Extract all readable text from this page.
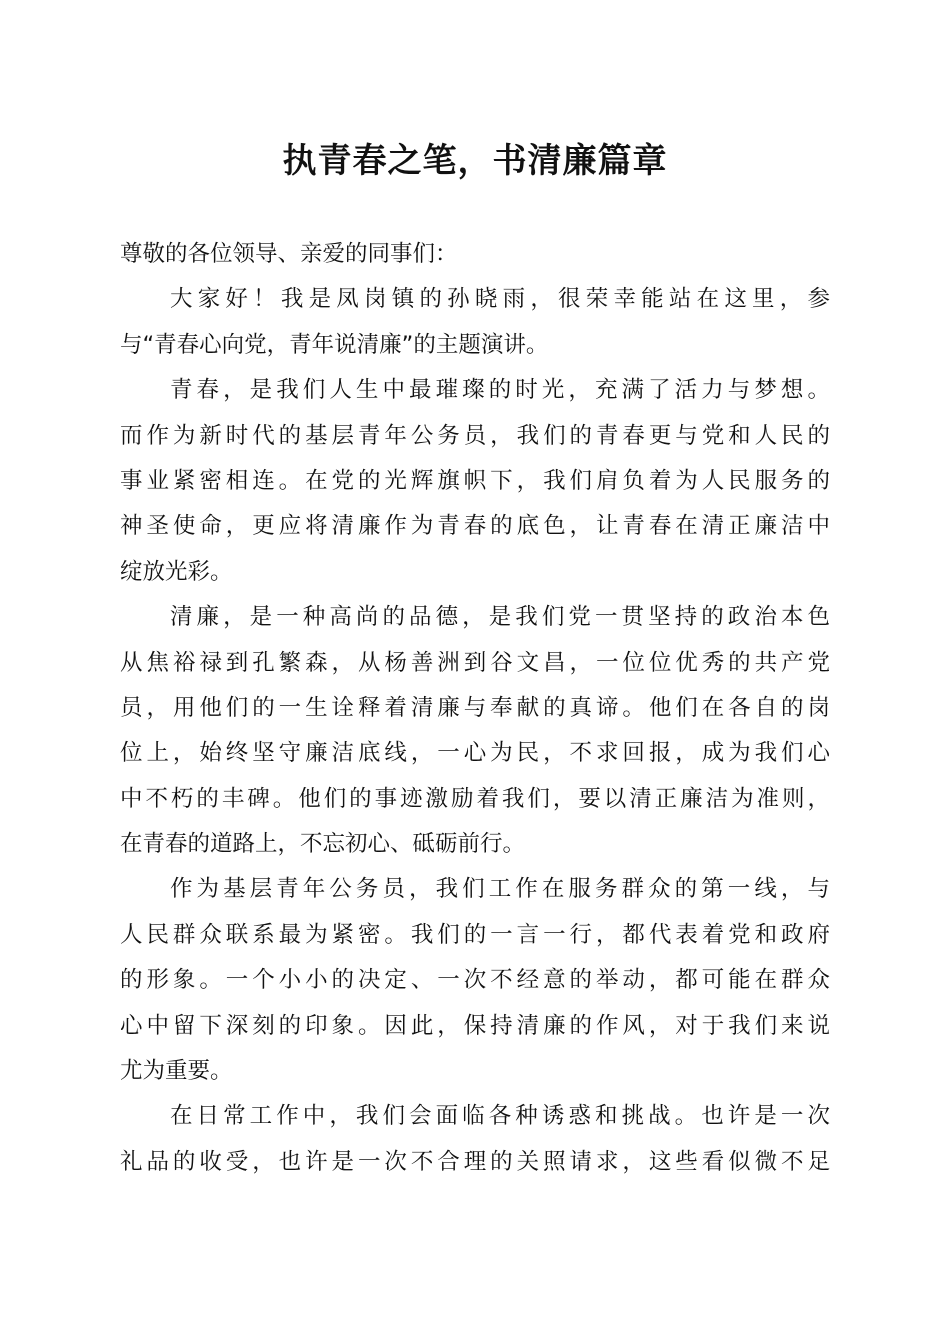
执青春之笔，书清廉篇章
尊敬的各位领导、亲爱的同事们：
大家好！我是凤岗镇的孙晓雨，很荣幸能站在这里，参
与“青春心向党，青年说清廉”的主题演讲。
青春，是我们人生中最璀璨的时光，充满了活力与梦想。
而作为新时代的基层青年公务员，我们的青春更与党和人民的
事业紧密相连。在党的光辉旗帜下，我们肩负着为人民服务的
神圣使命，更应将清廉作为青春的底色，让青春在清正廉洁中
绽放光彩。
清廉，是一种高尚的品德，是我们党一贯坚持的政治本色
从焦裕禄到孔繁森，从杨善洲到谷文昌，一位位优秀的共产党
员，用他们的一生诠释着清廉与奉献的真谛。他们在各自的岗
位上，始终坚守廉洁底线，一心为民，不求回报，成为我们心
中不朽的丰碑。他们的事迹激励着我们，要以清正廉洁为准则，
在青春的道路上，不忘初心、砥砺前行。
作为基层青年公务员，我们工作在服务群众的第一线，与
人民群众联系最为紧密。我们的一言一行，都代表着党和政府
的形象。一个小小的决定、一次不经意的举动，都可能在群众
心中留下深刻的印象。因此，保持清廉的作风，对于我们来说
尤为重要。
在日常工作中，我们会面临各种诱惑和挑战。也许是一次
礼品的收受，也许是一次不合理的关照请求，这些看似微不足
